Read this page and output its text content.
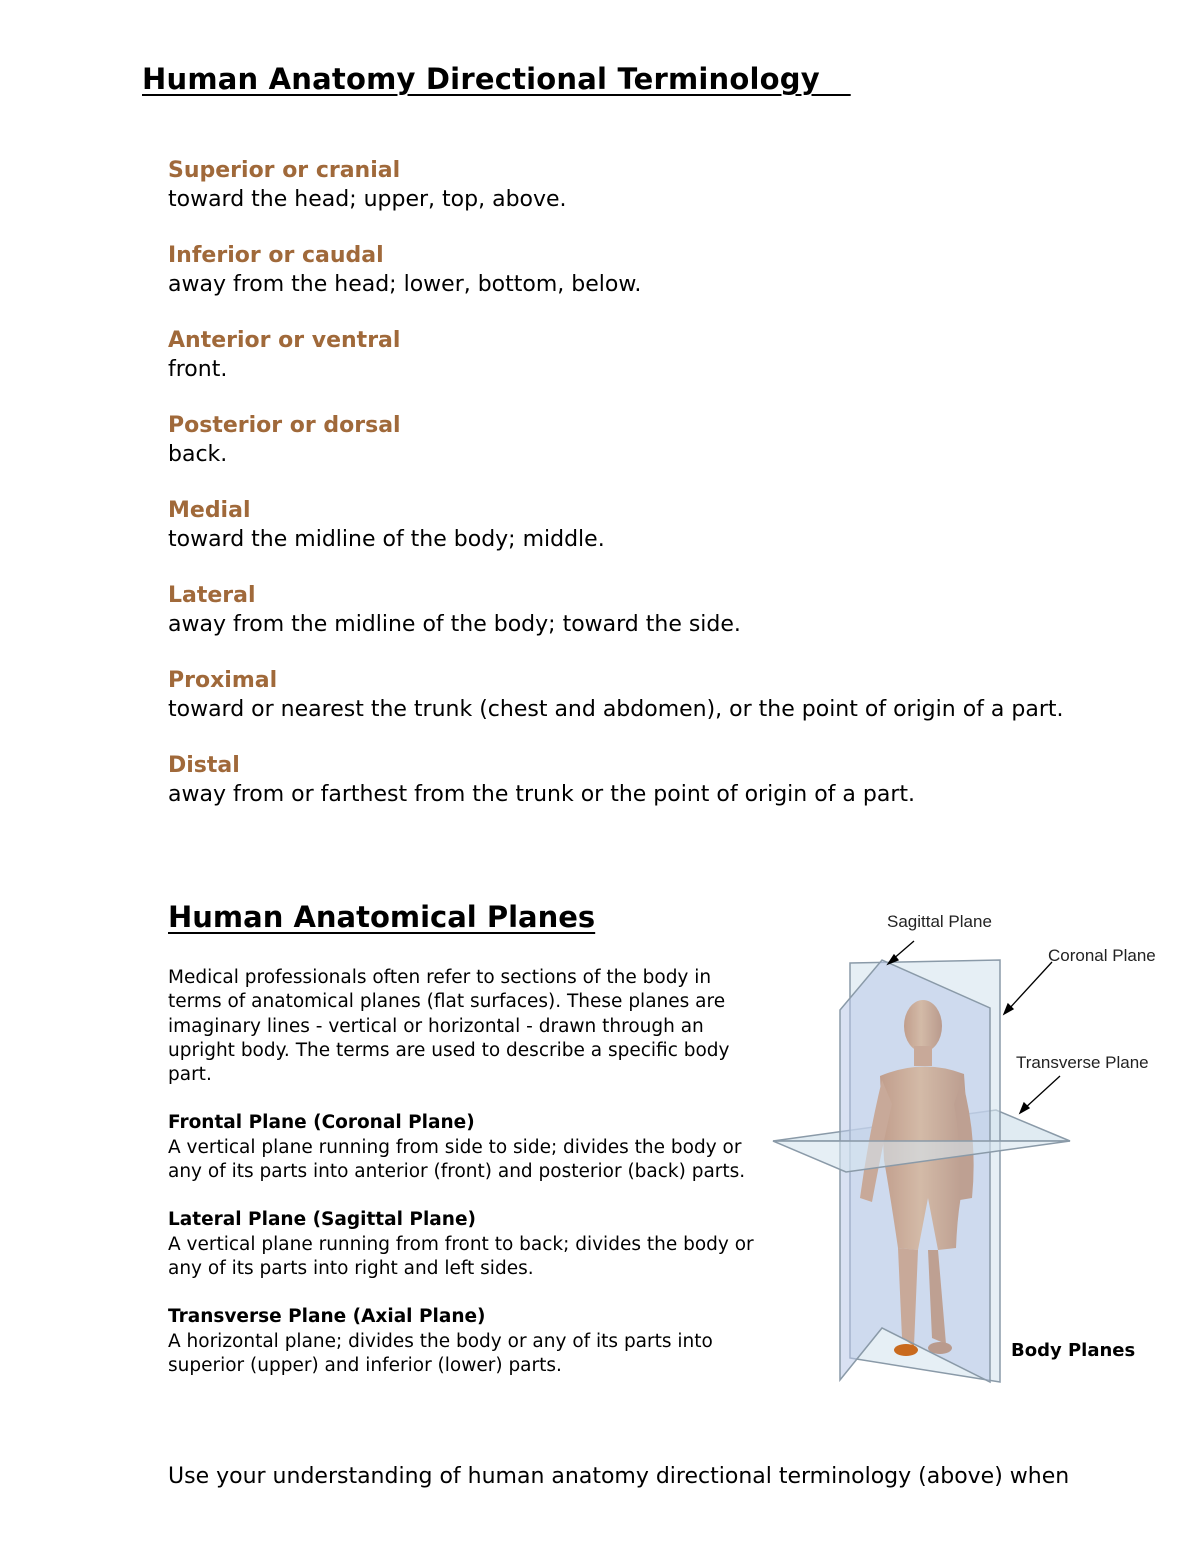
Human Anatomy Directional Terminology
Superior or cranial
toward the head; upper, top, above.
Inferior or caudal
away from the head; lower, bottom, below.
Anterior or ventral
front.
Posterior or dorsal
back.
Medial
toward the midline of the body; middle.
Lateral
away from the midline of the body; toward the side.
Proximal
toward or nearest the trunk (chest and abdomen), or the point of origin of a part.
Distal
away from or farthest from the trunk or the point of origin of a part.
Human Anatomical Planes

Medical professionals often refer to sections of the body in terms of anatomical planes (flat surfaces). These planes are imaginary lines - vertical or horizontal - drawn through an upright body. The terms are used to describe a specific body part.

Frontal Plane (Coronal Plane)
A vertical plane running from side to side; divides the body or any of its parts into anterior (front) and posterior (back) parts.

Lateral Plane (Sagittal Plane)
A vertical plane running from front to back; divides the body or any of its parts into right and left sides.

Transverse Plane (Axial Plane)
A horizontal plane; divides the body or any of its parts into superior (upper) and inferior (lower) parts.

Sagittal Plane
Coronal Plane
Transverse Plane
Body Planes

Use your understanding of human anatomy directional terminology (above) when
